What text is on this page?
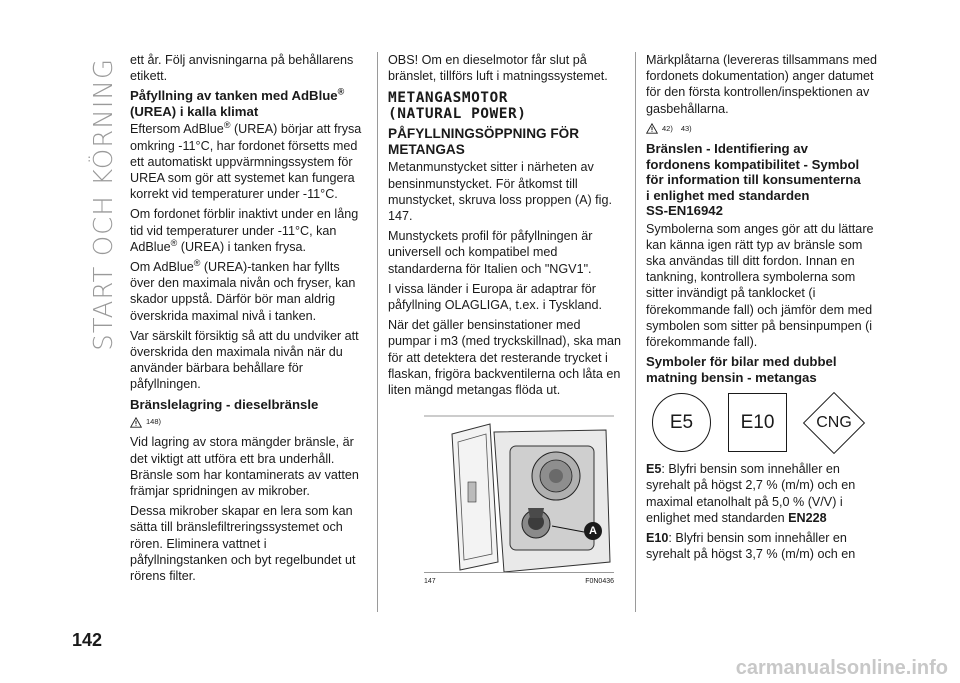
START OCH KÖRNING ett år. Följ anvisningarna på behållarens etikett.

Påfyllning av tanken med AdBlue®
(UREA) i kalla klimat

Eftersom AdBlue® (UREA) börjar att frysa omkring -11°C, har fordonet försetts med ett automatiskt uppvärmningssystem för UREA som gör att systemet kan fungera korrekt vid temperaturer under -11°C.

Om fordonet förblir inaktivt under en lång tid vid temperaturer under -11°C, kan AdBlue® (UREA) i tanken frysa.

Om AdBlue® (UREA)-tanken har fyllts över den maximala nivån och fryser, kan skador uppstå. Därför bör man aldrig överskrida maximal nivå i tanken.

Var särskilt försiktig så att du undviker att överskrida den maximala nivån när du använder bärbara behållare för påfyllningen.

Bränslelagring - dieselbränsle
148)

Vid lagring av stora mängder bränsle, är det viktigt att utföra ett bra underhåll. Bränsle som har kontaminerats av vatten främjar spridningen av mikrober.

Dessa mikrober skapar en lera som kan sätta till bränslefiltreringssystemet och rören. Eliminera vattnet i påfyllningstanken och byt regelbundet ut rörens filter.

OBS! Om en dieselmotor får slut på bränslet, tillförs luft i matningssystemet.

METANGASMOTOR
(NATURAL POWER)
PÅFYLLNINGSÖPPNING FÖR
METANGAS

Metanmunstycket sitter i närheten av bensinmunstycket. För åtkomst till munstycket, skruva loss proppen (A) fig. 147.

Munstyckets profil för påfyllningen är universell och kompatibel med standarderna för Italien och "NGV1".

I vissa länder i Europa är adaptrar för påfyllning OLAGLIGA, t.ex. i Tyskland.

När det gäller bensinstationer med pumpar i m3 (med tryckskillnad), ska man för att detektera det resterande trycket i flaskan, frigöra backventilerna och låta en liten mängd metangas flöda ut.

A
147	F0N0436

Märkplåtarna (levereras tillsammans med fordonets dokumentation) anger datumet för den första kontrollen/inspektionen av gasbehållarna.

42) 43)
Bränslen - Identifiering av
fordonens kompatibilitet - Symbol
för information till konsumenterna
i enlighet med standarden
SS-EN16942

Symbolerna som anges gör att du lättare kan känna igen rätt typ av bränsle som ska användas till ditt fordon. Innan en tankning, kontrollera symbolerna som sitter invändigt på tanklocket (i förekommande fall) och jämför dem med symbolen som sitter på bensinpumpen (i förekommande fall).

Symboler för bilar med dubbel
matning bensin - metangas
E5 E10	CNG

E5: Blyfri bensin som innehåller en syrehalt på högst 2,7 % (m/m) och en maximal etanolhalt på 5,0 % (V/V) i enlighet med standarden EN228

E10: Blyfri bensin som innehåller en syrehalt på högst 3,7 % (m/m) och en

142
carmanualsonline.info
